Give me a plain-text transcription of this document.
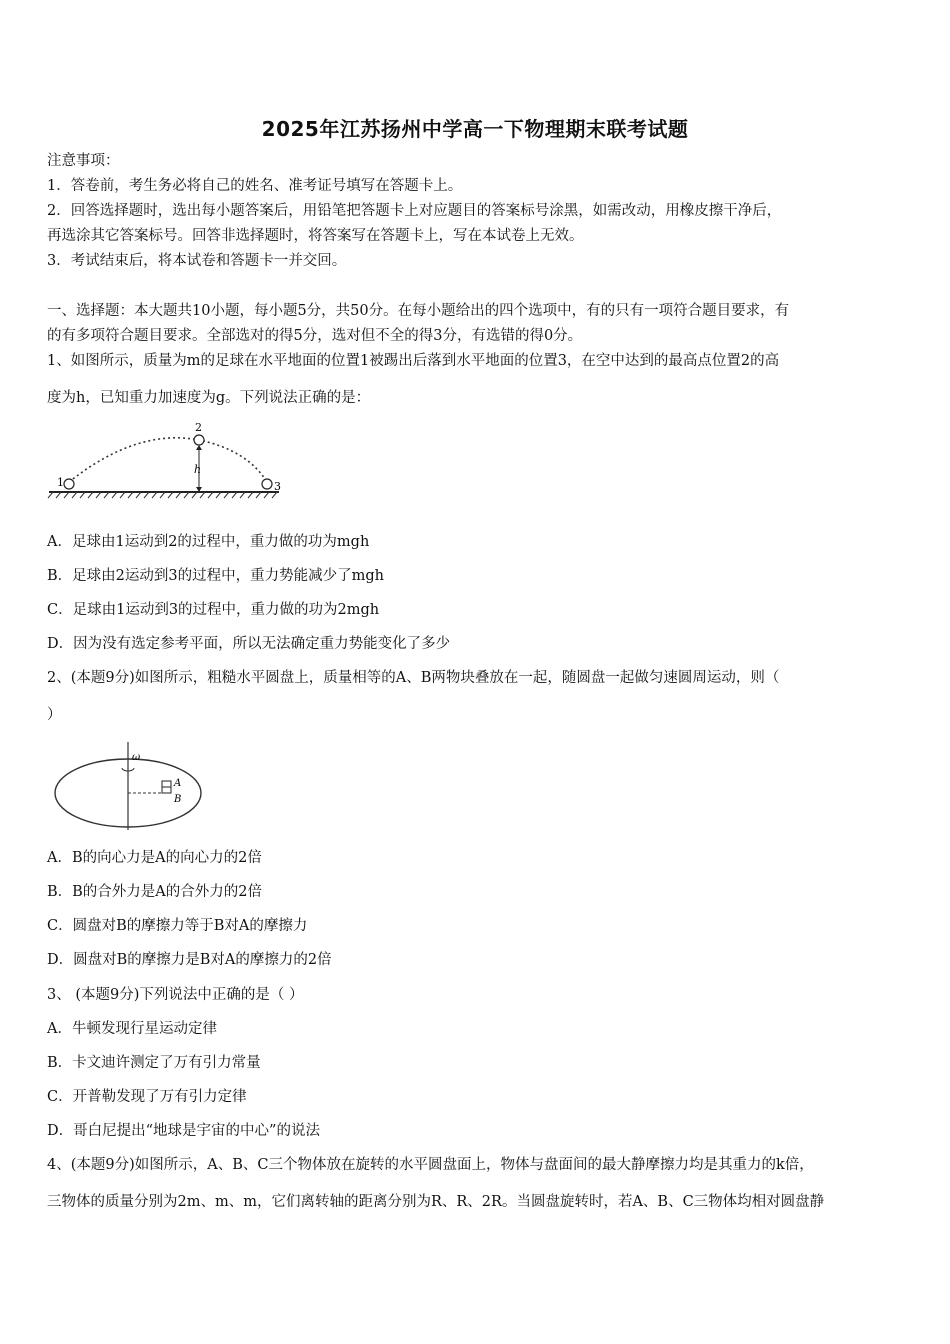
2025年江苏扬州中学高一下物理期末联考试题
注意事项：
1．答卷前，考生务必将自己的姓名、准考证号填写在答题卡上。
2．回答选择题时，选出每小题答案后，用铅笔把答题卡上对应题目的答案标号涂黑，如需改动，用橡皮擦干净后，
再选涂其它答案标号。回答非选择题时，将答案写在答题卡上，写在本试卷上无效。
3．考试结束后，将本试卷和答题卡一并交回。
一、选择题：本大题共10小题，每小题5分，共50分。在每小题给出的四个选项中，有的只有一项符合题目要求，有
的有多项符合题目要求。全部选对的得5分，选对但不全的得3分，有选错的得0分。
1、如图所示，质量为m的足球在水平地面的位置1被踢出后落到水平地面的位置3，在空中达到的最高点位置2的高
度为h，已知重力加速度为g。下列说法正确的是：
1
2
3
h
A．足球由1运动到2的过程中，重力做的功为mgh
B．足球由2运动到3的过程中，重力势能减少了mgh
C．足球由1运动到3的过程中，重力做的功为2mgh
D．因为没有选定参考平面，所以无法确定重力势能变化了多少
2、(本题9分)如图所示，粗糙水平圆盘上，质量相等的A、B两物块叠放在一起，随圆盘一起做匀速圆周运动，则（
）
ω
A
B
A．B的向心力是A的向心力的2倍
B．B的合外力是A的合外力的2倍
C．圆盘对B的摩擦力等于B对A的摩擦力
D．圆盘对B的摩擦力是B对A的摩擦力的2倍
3、 (本题9分)下列说法中正确的是（ ）
A．牛顿发现行星运动定律
B．卡文迪许测定了万有引力常量
C．开普勒发现了万有引力定律
D．哥白尼提出“地球是宇宙的中心”的说法
4、(本题9分)如图所示，A、B、C三个物体放在旋转的水平圆盘面上，物体与盘面间的最大静摩擦力均是其重力的k倍，
三物体的质量分别为2m、m、m，它们离转轴的距离分别为R、R、2R。当圆盘旋转时，若A、B、C三物体均相对圆盘静
